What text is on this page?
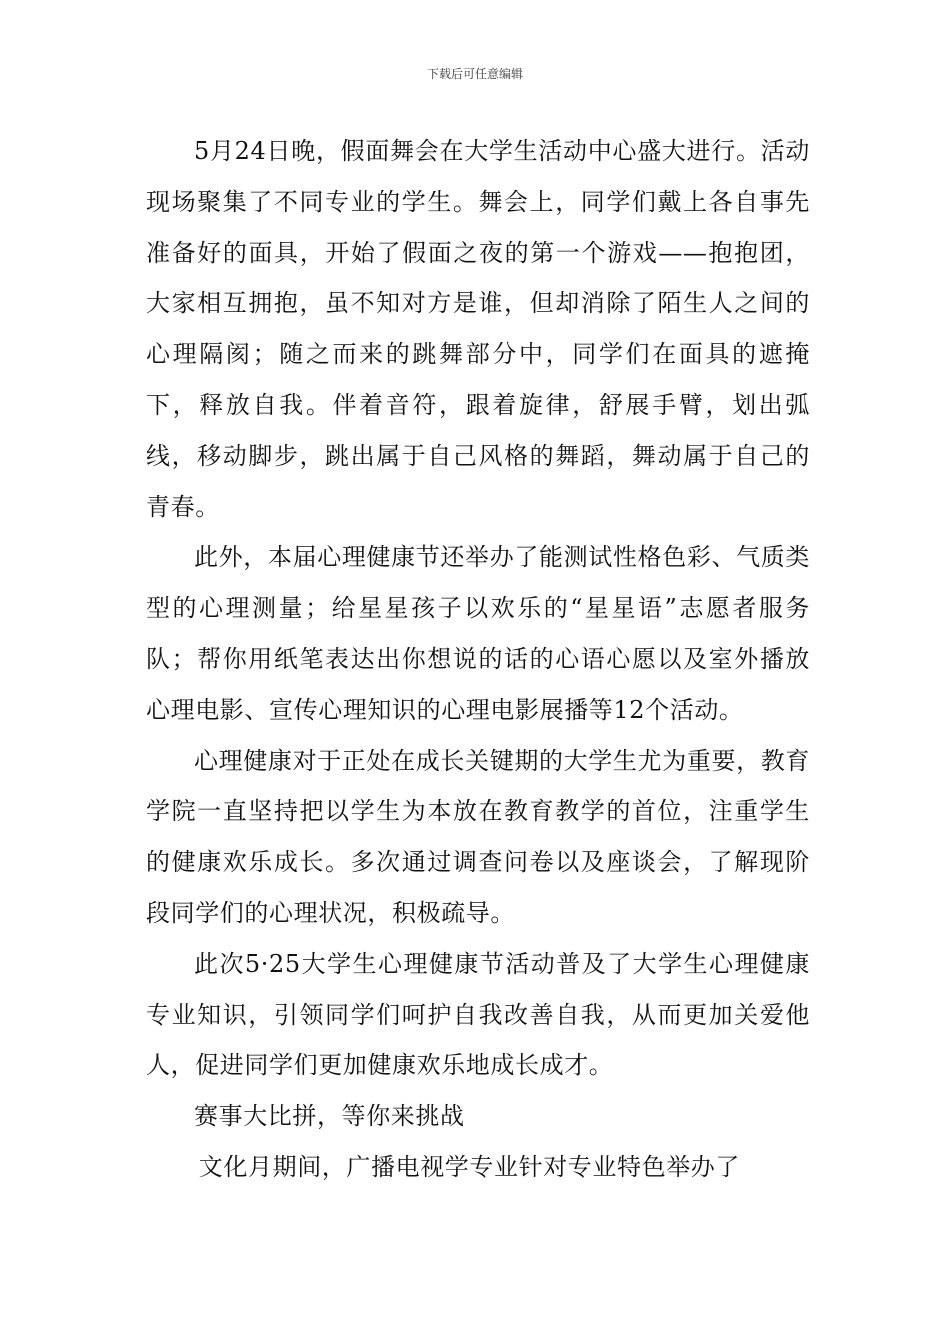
下载后可任意编辑

5月24日晚，假面舞会在大学生活动中心盛大进行。活动现场聚集了不同专业的学生。舞会上，同学们戴上各自事先准备好的面具，开始了假面之夜的第一个游戏——抱抱团，大家相互拥抱，虽不知对方是谁，但却消除了陌生人之间的心理隔阂；随之而来的跳舞部分中，同学们在面具的遮掩下，释放自我。伴着音符，跟着旋律，舒展手臂，划出弧线，移动脚步，跳出属于自己风格的舞蹈，舞动属于自己的青春。

此外，本届心理健康节还举办了能测试性格色彩、气质类型的心理测量；给星星孩子以欢乐的“星星语”志愿者服务队；帮你用纸笔表达出你想说的话的心语心愿以及室外播放心理电影、宣传心理知识的心理电影展播等12个活动。

心理健康对于正处在成长关键期的大学生尤为重要，教育学院一直坚持把以学生为本放在教育教学的首位，注重学生的健康欢乐成长。多次通过调查问卷以及座谈会，了解现阶段同学们的心理状况，积极疏导。

此次5·25大学生心理健康节活动普及了大学生心理健康专业知识，引领同学们呵护自我改善自我，从而更加关爱他人，促进同学们更加健康欢乐地成长成才。

赛事大比拼，等你来挑战

文化月期间，广播电视学专业针对专业特色举办了
